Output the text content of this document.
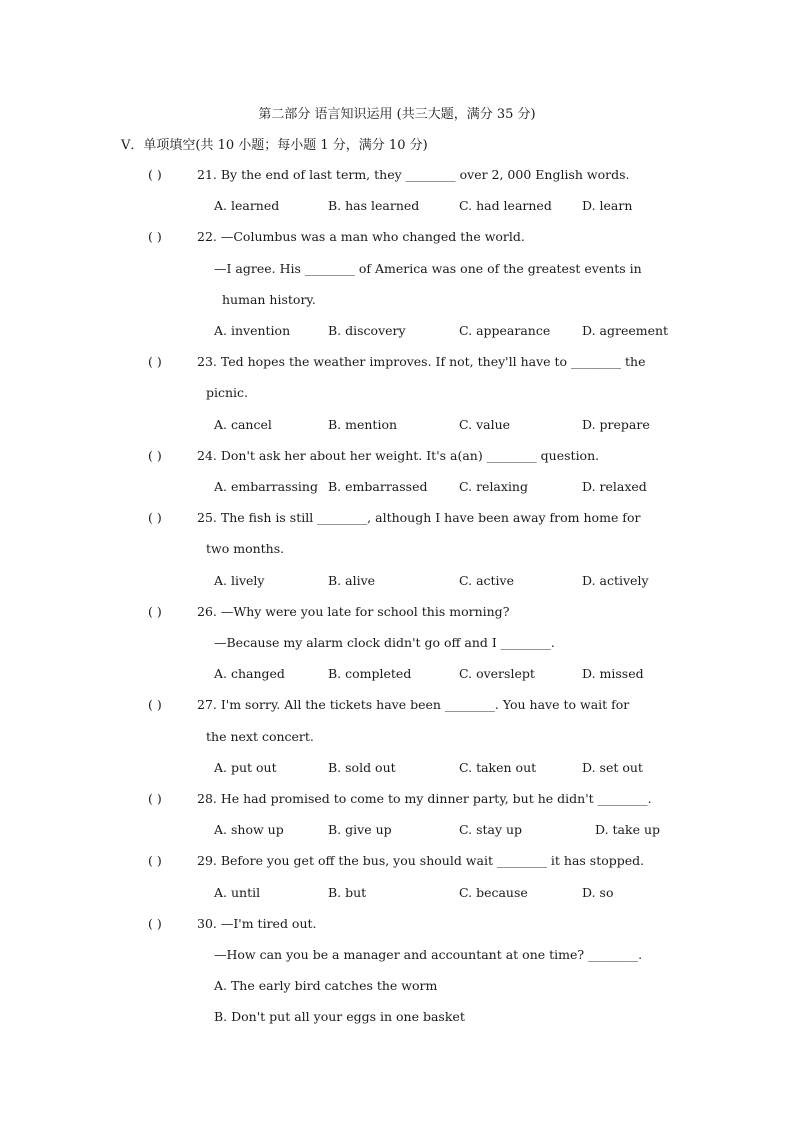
第二部分 语言知识运用 (共三大题，满分 35 分)
V．单项填空(共 10 小题；每小题 1 分，满分 10 分)
( )	21. By the end of last term, they ________ over 2, 000 English words.
A. learned	B. has learned	C. had learned D. learn
( )	22. —Columbus was a man who changed the world.
—I agree. His ________ of America was one of the greatest events in
human history.
A. invention	B. discovery	C. appearance	D. agreement
( )	23. Ted hopes the weather improves. If not, they'll have to ________ the
picnic.
A. cancel	B. mention	C. value	D. prepare
( )	24. Don't ask her about her weight. It's a(an) ________ question.
A. embarrassing B. embarrassed	C. relaxing	D. relaxed
( )	25. The fish is still ________, although I have been away from home for
two months.
A. lively	B. alive	C. active	D. actively
( )	26. —Why were you late for school this morning?
—Because my alarm clock didn't go off and I ________.
A. changed	B. completed	C. overslept	D. missed
( )	27. I'm sorry. All the tickets have been ________. You have to wait for
the next concert.
A. put out	B. sold out	C. taken out	D. set out
( )	28. He had promised to come to my dinner party, but he didn't ________.
A. show up	B. give up	C. stay up	D. take up
( )	29. Before you get off the bus, you should wait ________ it has stopped.
A. until	B. but	C. because	D. so
( )	30. —I'm tired out.
—How can you be a manager and accountant at one time? ________.
A. The early bird catches the worm
B. Don't put all your eggs in one basket
